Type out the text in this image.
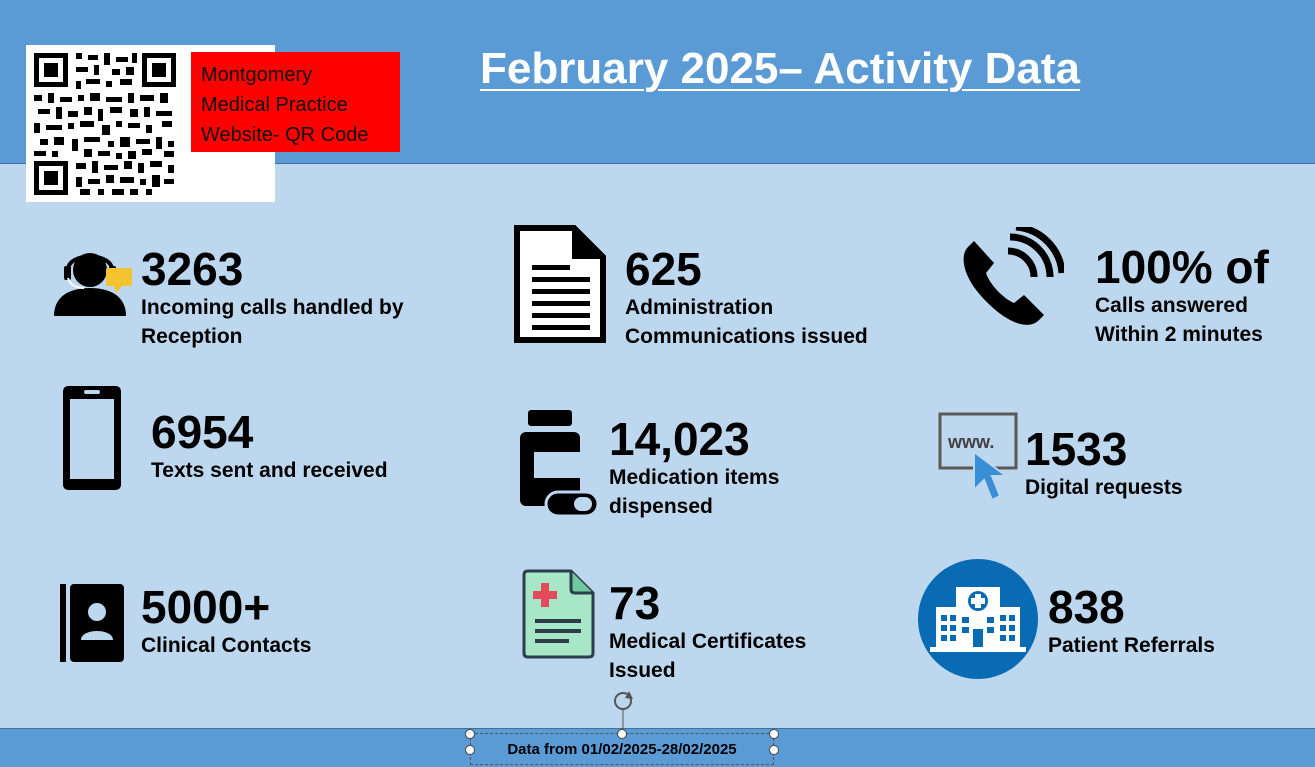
February 2025– Activity Data
Montgomery
Medical Practice
Website- QR Code
3263
Incoming calls handled by
Reception
625
Administration
Communications issued
100% of
Calls answered
Within 2 minutes
6954
Texts sent and received
14,023
Medication items
dispensed
www. 1533
Digital requests
5000+
Clinical Contacts
73
Medical Certificates
Issued
838
Patient Referrals
Data from 01/02/2025-28/02/2025
